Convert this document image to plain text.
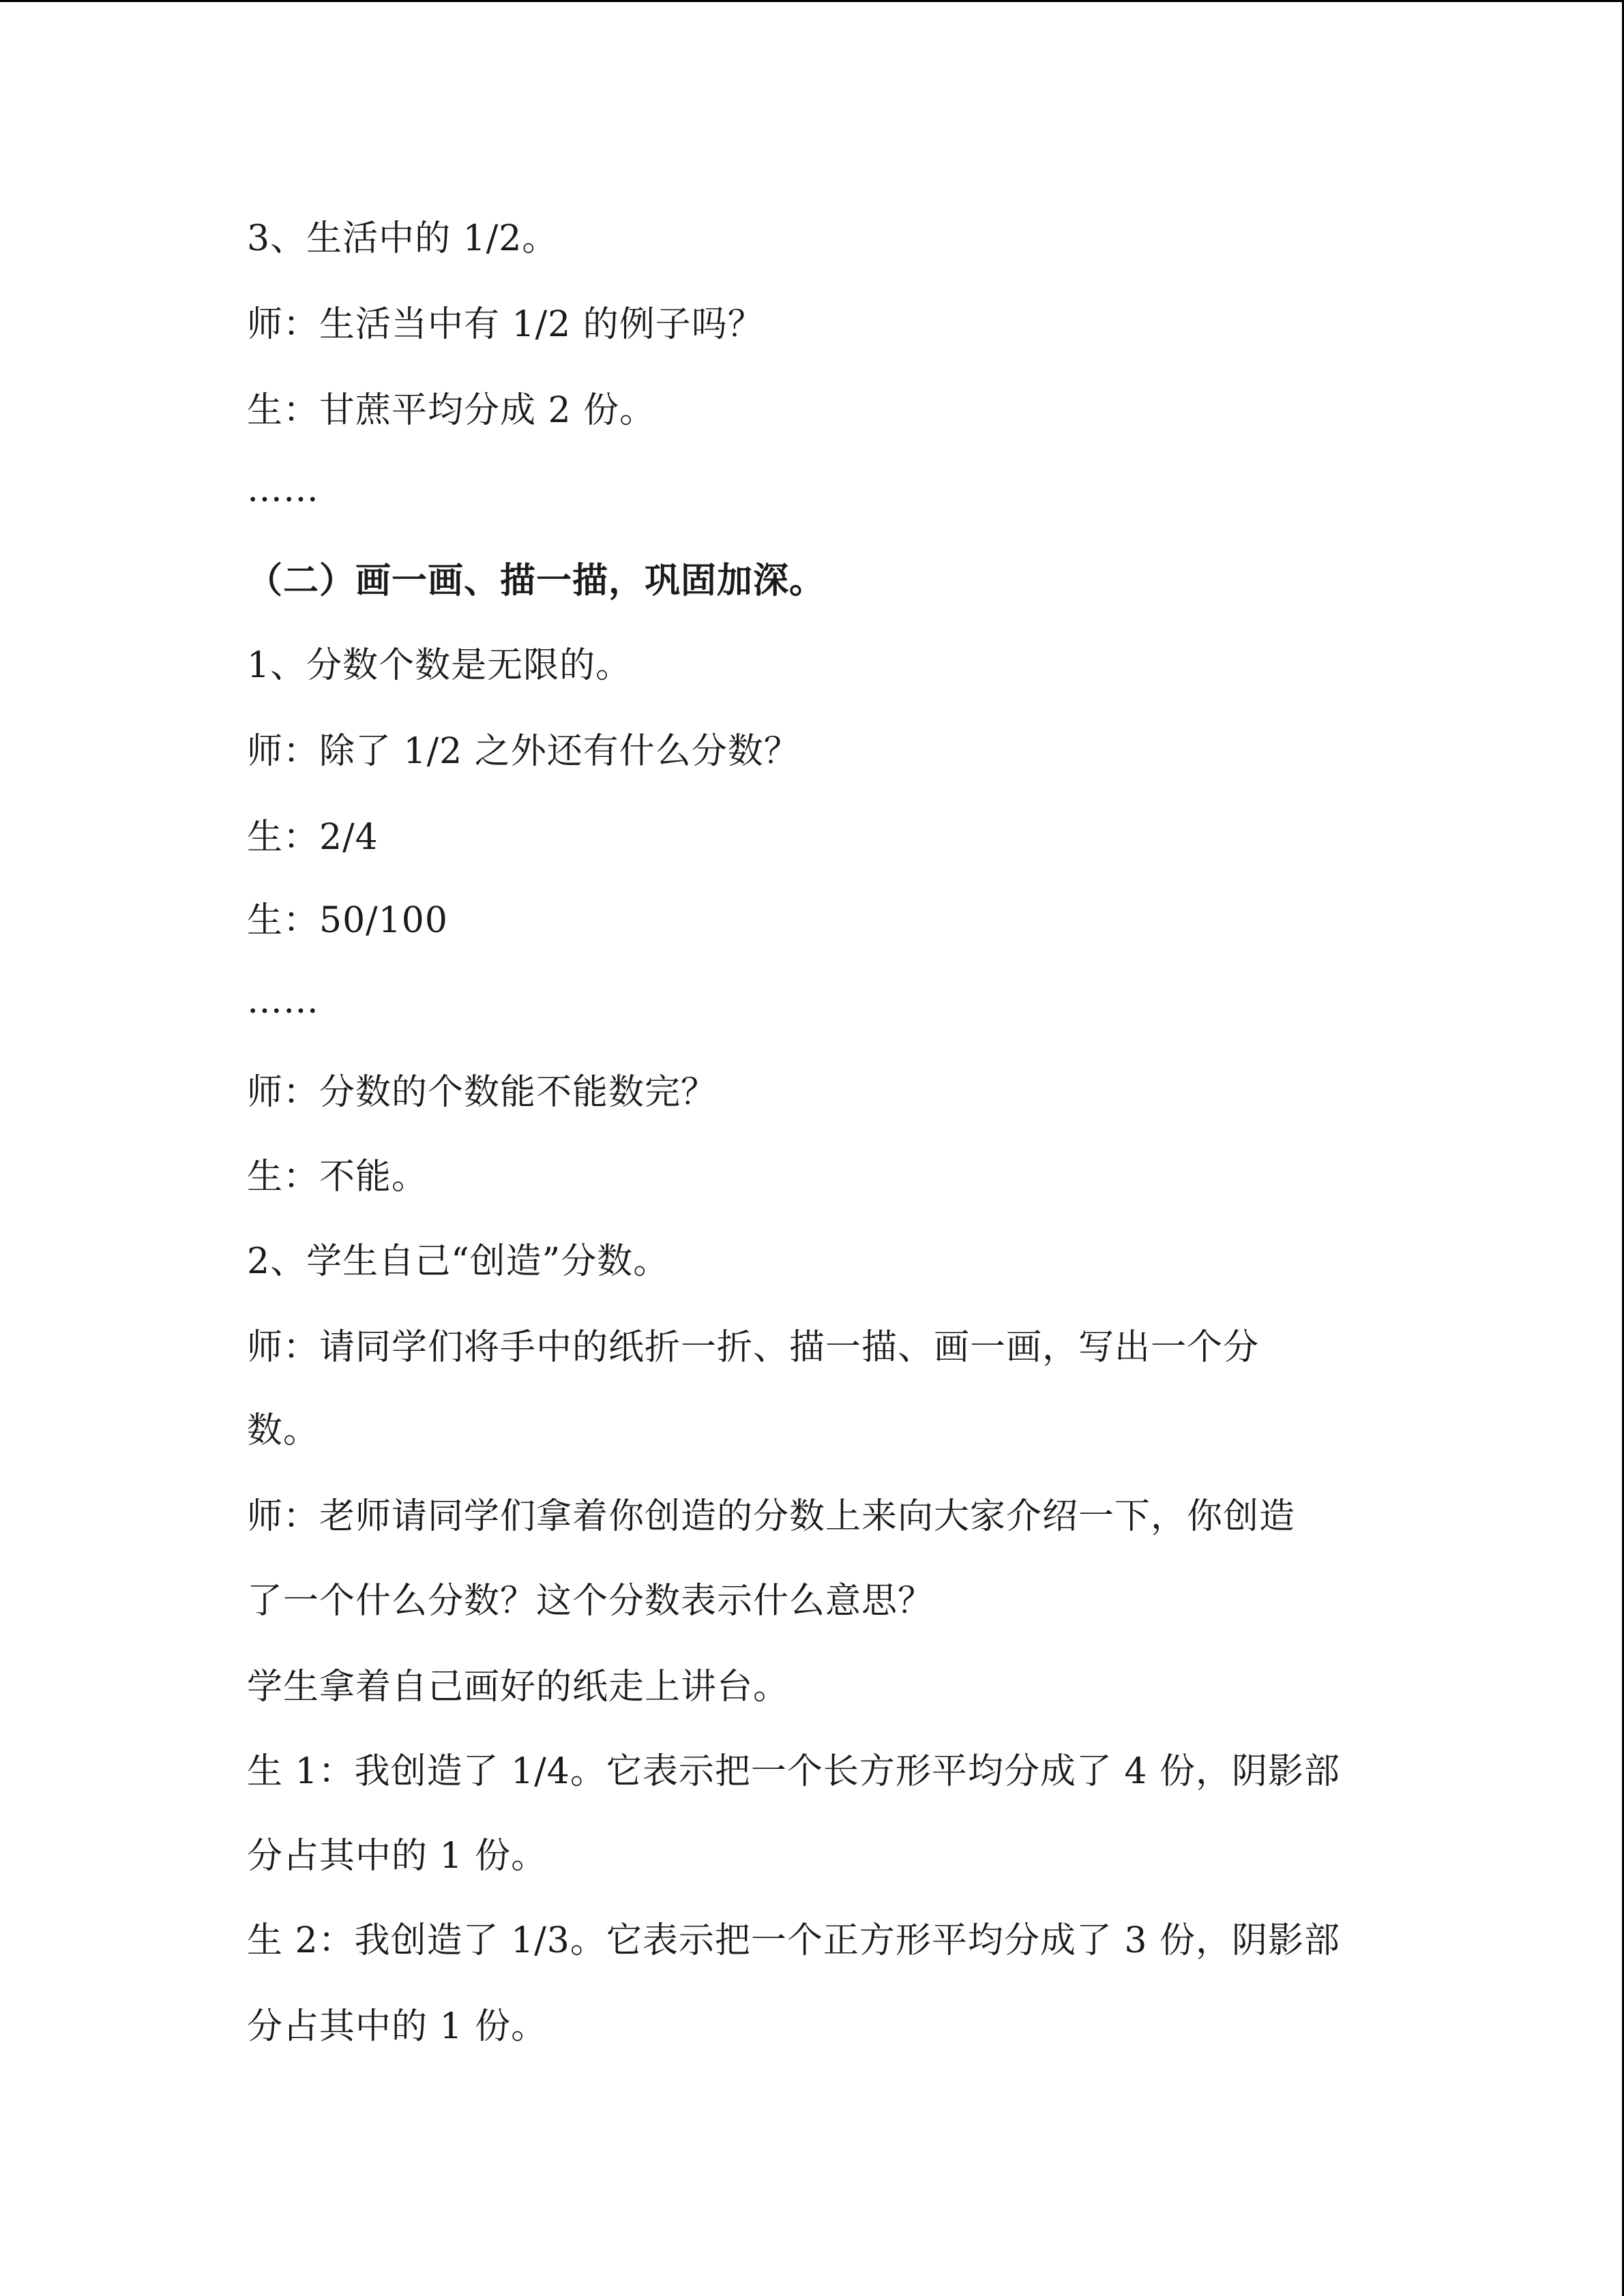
3、生活中的 1/2。
师：生活当中有 1/2 的例子吗？
生：甘蔗平均分成 2 份。
……
（二）画一画、描一描，巩固加深。
1、分数个数是无限的。
师：除了 1/2 之外还有什么分数？
生：2/4
生：50/100
……
师：分数的个数能不能数完？
生：不能。
2、学生自己“创造”分数。
师：请同学们将手中的纸折一折、描一描、画一画，写出一个分
数。
师：老师请同学们拿着你创造的分数上来向大家介绍一下，你创造
了一个什么分数？这个分数表示什么意思？
学生拿着自己画好的纸走上讲台。
生 1：我创造了 1/4。它表示把一个长方形平均分成了 4 份，阴影部
分占其中的 1 份。
生 2：我创造了 1/3。它表示把一个正方形平均分成了 3 份，阴影部
分占其中的 1 份。
